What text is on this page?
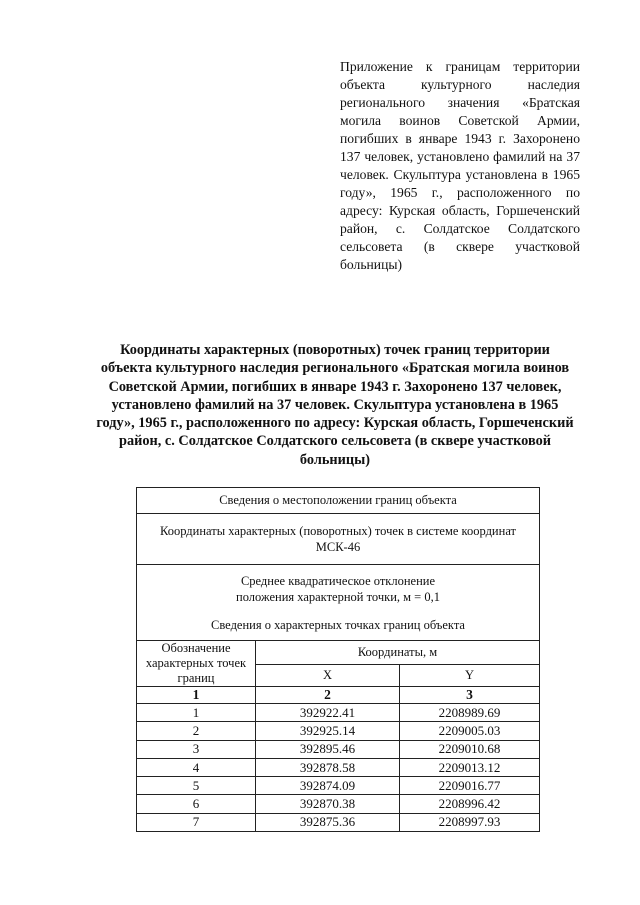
Приложение к границам территории объекта культурного наследия регионального значения «Братская могила воинов Советской Армии, погибших в январе 1943 г. Захоронено 137 человек, установлено фамилий на 37 человек. Скульптура установлена в 1965 году», 1965 г., расположенного по адресу: Курская область, Горшеченский район, с. Солдатское Солдатского сельсовета (в сквере участковой больницы)
Координаты характерных (поворотных) точек границ территории объекта культурного наследия регионального «Братская могила воинов Советской Армии, погибших в январе 1943 г. Захоронено 137 человек, установлено фамилий на 37 человек. Скульптура установлена в 1965 году», 1965 г., расположенного по адресу: Курская область, Горшеченский район, с. Солдатское Солдатского сельсовета (в сквере участковой больницы)
Сведения о местоположении границ объекта		

Координаты характерных (поворотных) точек в системе координат
МСК-46		

Среднее квадратическое отклонение
положения характерной точки, м = 0,1
Сведения о характерных точках границ объекта		

Обозначение
характерных точек
границ	Координаты, м	
	X	Y
1	2	3
1	392922.41	2208989.69
2	392925.14	2209005.03
3	392895.46	2209010.68
4	392878.58	2209013.12
5	392874.09	2209016.77
6	392870.38	2208996.42
7	392875.36	2208997.93
